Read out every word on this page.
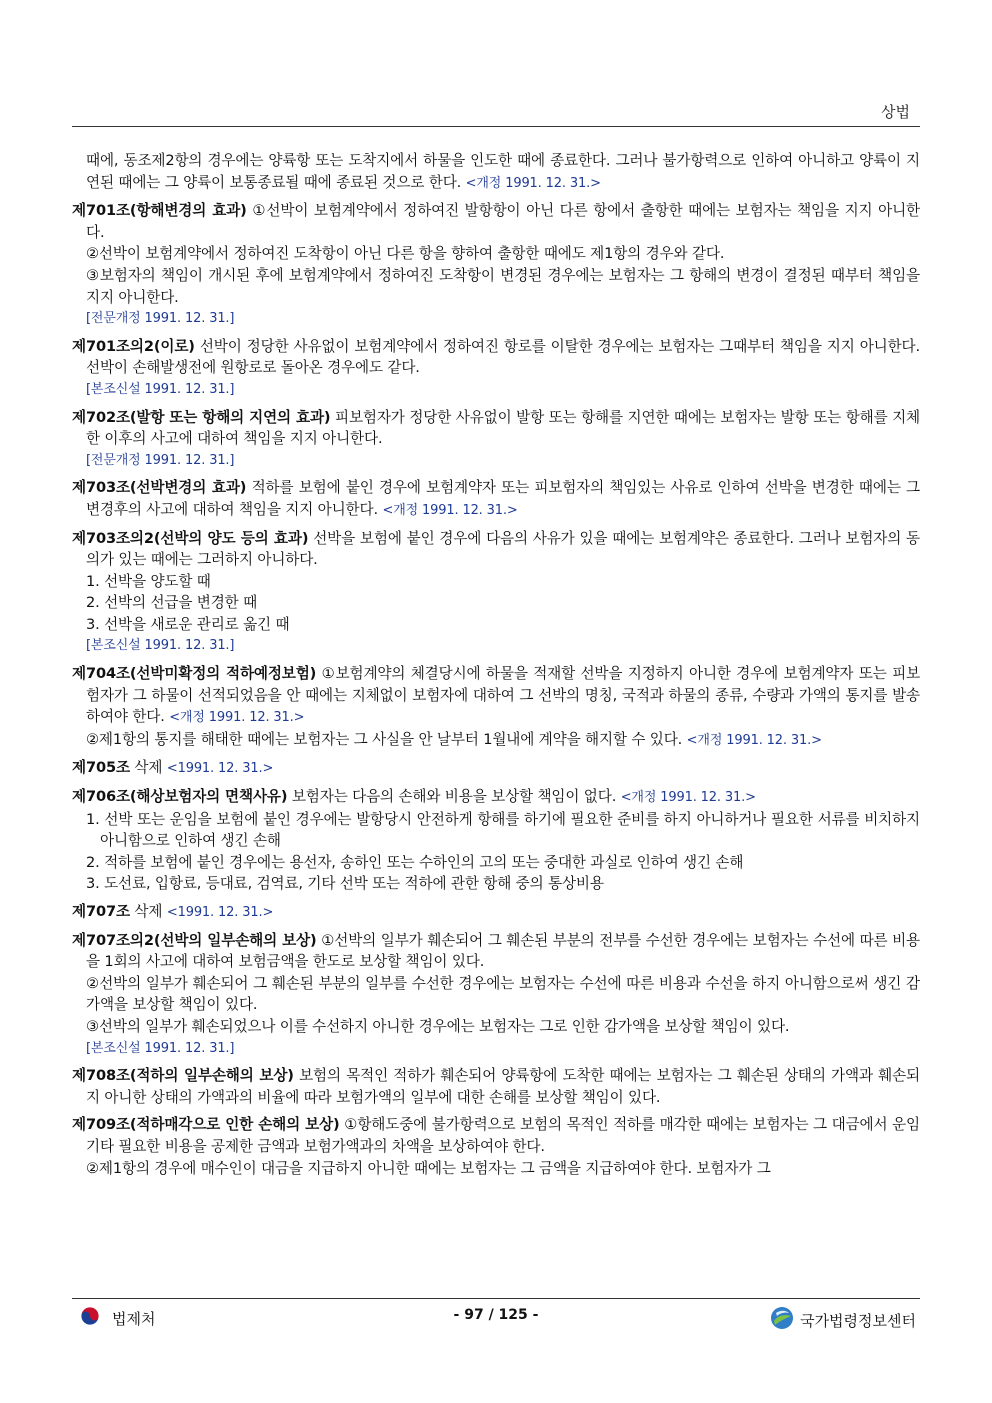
상법
때에, 동조제2항의 경우에는 양륙항 또는 도착지에서 하물을 인도한 때에 종료한다. 그러나 불가항력으로 인하여 아니하고 양륙이 지연된 때에는 그 양륙이 보통종료될 때에 종료된 것으로 한다. <개정 1991. 12. 31.>
제701조(항해변경의 효과) ①선박이 보험계약에서 정하여진 발항항이 아닌 다른 항에서 출항한 때에는 보험자는 책임을 지지 아니한다.
②선박이 보험계약에서 정하여진 도착항이 아닌 다른 항을 향하여 출항한 때에도 제1항의 경우와 같다.
③보험자의 책임이 개시된 후에 보험계약에서 정하여진 도착항이 변경된 경우에는 보험자는 그 항해의 변경이 결정된 때부터 책임을 지지 아니한다.
[전문개정 1991. 12. 31.]
제701조의2(이로) 선박이 정당한 사유없이 보험계약에서 정하여진 항로를 이탈한 경우에는 보험자는 그때부터 책임을 지지 아니한다. 선박이 손해발생전에 원항로로 돌아온 경우에도 같다.
[본조신설 1991. 12. 31.]
제702조(발항 또는 항해의 지연의 효과) 피보험자가 정당한 사유없이 발항 또는 항해를 지연한 때에는 보험자는 발항 또는 항해를 지체한 이후의 사고에 대하여 책임을 지지 아니한다.
[전문개정 1991. 12. 31.]
제703조(선박변경의 효과) 적하를 보험에 붙인 경우에 보험계약자 또는 피보험자의 책임있는 사유로 인하여 선박을 변경한 때에는 그 변경후의 사고에 대하여 책임을 지지 아니한다. <개정 1991. 12. 31.>
제703조의2(선박의 양도 등의 효과) 선박을 보험에 붙인 경우에 다음의 사유가 있을 때에는 보험계약은 종료한다. 그러나 보험자의 동의가 있는 때에는 그러하지 아니하다.
1. 선박을 양도할 때
2. 선박의 선급을 변경한 때
3. 선박을 새로운 관리로 옮긴 때
[본조신설 1991. 12. 31.]
제704조(선박미확정의 적하예정보험) ①보험계약의 체결당시에 하물을 적재할 선박을 지정하지 아니한 경우에 보험계약자 또는 피보험자가 그 하물이 선적되었음을 안 때에는 지체없이 보험자에 대하여 그 선박의 명칭, 국적과 하물의 종류, 수량과 가액의 통지를 발송하여야 한다. <개정 1991. 12. 31.>
②제1항의 통지를 해태한 때에는 보험자는 그 사실을 안 날부터 1월내에 계약을 해지할 수 있다. <개정 1991. 12. 31.>
제705조 삭제 <1991. 12. 31.>
제706조(해상보험자의 면책사유) 보험자는 다음의 손해와 비용을 보상할 책임이 없다. <개정 1991. 12. 31.>
1. 선박 또는 운임을 보험에 붙인 경우에는 발항당시 안전하게 항해를 하기에 필요한 준비를 하지 아니하거나 필요한 서류를 비치하지 아니함으로 인하여 생긴 손해
2. 적하를 보험에 붙인 경우에는 용선자, 송하인 또는 수하인의 고의 또는 중대한 과실로 인하여 생긴 손해
3. 도선료, 입항료, 등대료, 검역료, 기타 선박 또는 적하에 관한 항해 중의 통상비용
제707조 삭제 <1991. 12. 31.>
제707조의2(선박의 일부손해의 보상) ①선박의 일부가 훼손되어 그 훼손된 부분의 전부를 수선한 경우에는 보험자는 수선에 따른 비용을 1회의 사고에 대하여 보험금액을 한도로 보상할 책임이 있다.
②선박의 일부가 훼손되어 그 훼손된 부분의 일부를 수선한 경우에는 보험자는 수선에 따른 비용과 수선을 하지 아니함으로써 생긴 감가액을 보상할 책임이 있다.
③선박의 일부가 훼손되었으나 이를 수선하지 아니한 경우에는 보험자는 그로 인한 감가액을 보상할 책임이 있다.
[본조신설 1991. 12. 31.]
제708조(적하의 일부손해의 보상) 보험의 목적인 적하가 훼손되어 양륙항에 도착한 때에는 보험자는 그 훼손된 상태의 가액과 훼손되지 아니한 상태의 가액과의 비율에 따라 보험가액의 일부에 대한 손해를 보상할 책임이 있다.
제709조(적하매각으로 인한 손해의 보상) ①항해도중에 불가항력으로 보험의 목적인 적하를 매각한 때에는 보험자는 그 대금에서 운임 기타 필요한 비용을 공제한 금액과 보험가액과의 차액을 보상하여야 한다.
②제1항의 경우에 매수인이 대금을 지급하지 아니한 때에는 보험자는 그 금액을 지급하여야 한다. 보험자가 그
법제처	- 97 / 125 -	국가법령정보센터
